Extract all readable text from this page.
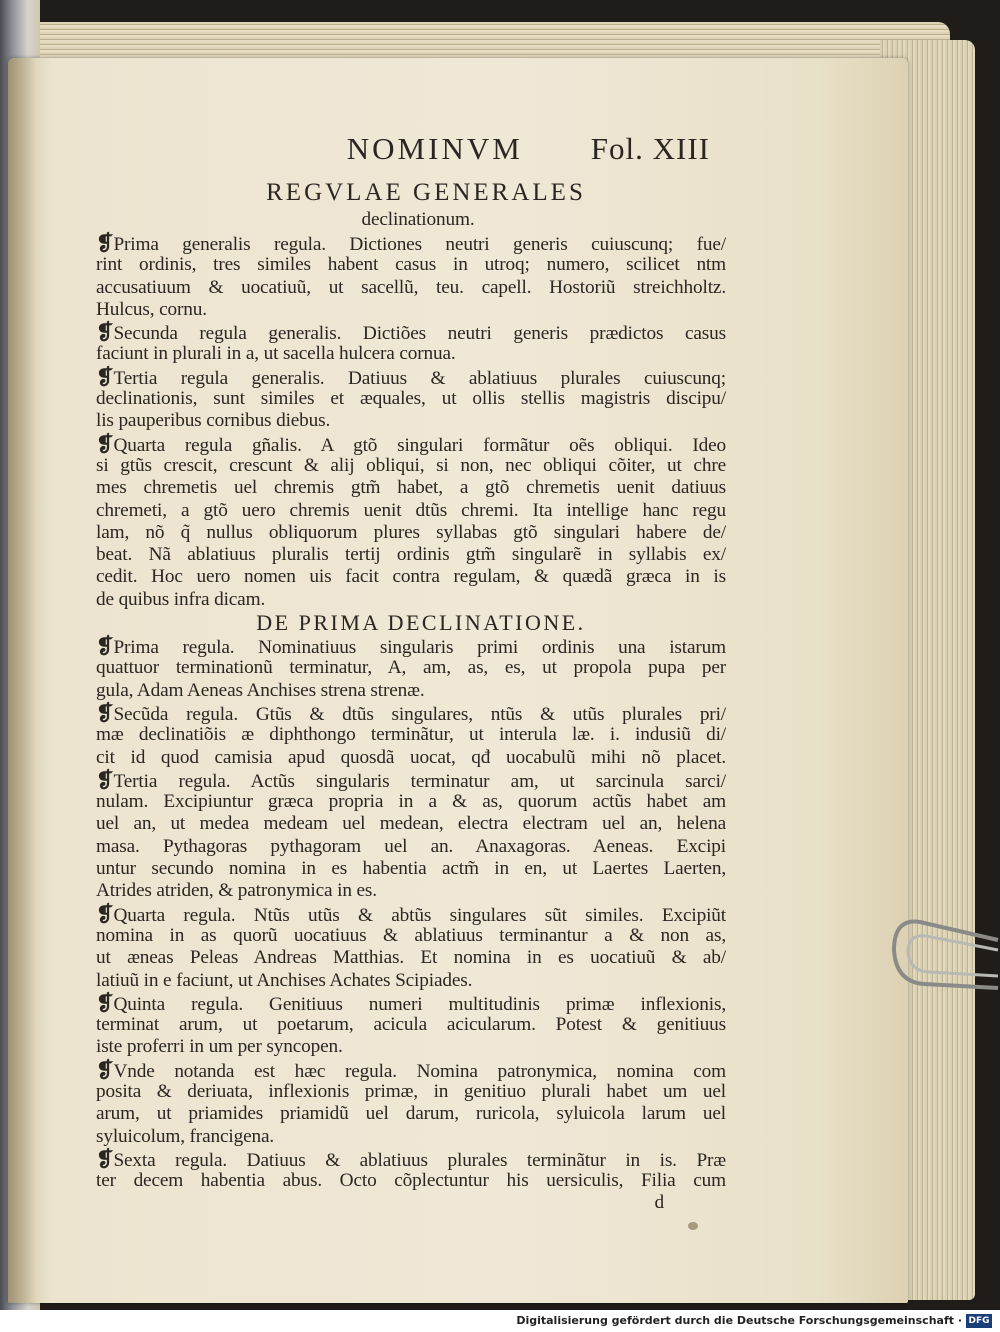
NOMINVM Fol. XIII
REGVLAE GENERALES
declinationum.
❡Prima generalis regula. Dictiones neutri generis cuiuscunq; fue/
rint ordinis, tres similes habent casus in utroq; numero, scilicet ntm
accusatiuum & uocatiuũ, ut sacellũ, teu. capell. Hostoriũ streichholtz.
Hulcus, cornu.
❡Secunda regula generalis. Dictiões neutri generis prædictos casus
faciunt in plurali in a, ut sacella hulcera cornua.
❡Tertia regula generalis. Datiuus & ablatiuus plurales cuiuscunq;
declinationis, sunt similes et æquales, ut ollis stellis magistris discipu/
lis pauperibus cornibus diebus.
❡Quarta regula gñalis. A gtõ singulari formãtur oẽs obliqui. Ideo
si gtũs crescit, crescunt & alij obliqui, si non, nec obliqui cõiter, ut chre
mes chremetis uel chremis gtm̃ habet, a gtõ chremetis uenit datiuus
chremeti, a gtõ uero chremis uenit dtũs chremi. Ita intellige hanc regu
lam, nõ q̃ nullus obliquorum plures syllabas gtõ singulari habere de/
beat. Nã ablatiuus pluralis tertij ordinis gtm̃ singularẽ in syllabis ex/
cedit. Hoc uero nomen uis facit contra regulam, & quædã græca in is
de quibus infra dicam.
DE PRIMA DECLINATIONE.
❡Prima regula. Nominatiuus singularis primi ordinis una istarum
quattuor terminationũ terminatur, A, am, as, es, ut propola pupa per
gula, Adam Aeneas Anchises strena strenæ.
❡Secũda regula. Gtũs & dtũs singulares, ntũs & utũs plurales pri/
mæ declinatiõis æ diphthongo terminãtur, ut interula læ. i. indusiũ di/
cit id quod camisia apud quosdã uocat, qđ uocabulũ mihi nõ placet.
❡Tertia regula. Actũs singularis terminatur am, ut sarcinula sarci/
nulam. Excipiuntur græca propria in a & as, quorum actũs habet am
uel an, ut medea medeam uel medean, electra electram uel an, helena
masa. Pythagoras pythagoram uel an. Anaxagoras. Aeneas. Excipi
untur secundo nomina in es habentia actm̃ in en, ut Laertes Laerten,
Atrides atriden, & patronymica in es.
❡Quarta regula. Ntũs utũs & abtũs singulares sũt similes. Excipiũt
nomina in as quorũ uocatiuus & ablatiuus terminantur a & non as,
ut æneas Peleas Andreas Matthias. Et nomina in es uocatiuũ & ab/
latiuũ in e faciunt, ut Anchises Achates Scipiades.
❡Quinta regula. Genitiuus numeri multitudinis primæ inflexionis,
terminat arum, ut poetarum, acicula acicularum. Potest & genitiuus
iste proferri in um per syncopen.
❡Vnde notanda est hæc regula. Nomina patronymica, nomina com
posita & deriuata, inflexionis primæ, in genitiuo plurali habet um uel
arum, ut priamides priamidũ uel darum, ruricola, syluicola larum uel
syluicolum, francigena.
❡Sexta regula. Datiuus & ablatiuus plurales terminãtur in is. Præ
ter decem habentia abus. Octo cõplectuntur his uersiculis, Filia cum
d
Digitalisierung gefördert durch die Deutsche Forschungsgemeinschaft · DFG
